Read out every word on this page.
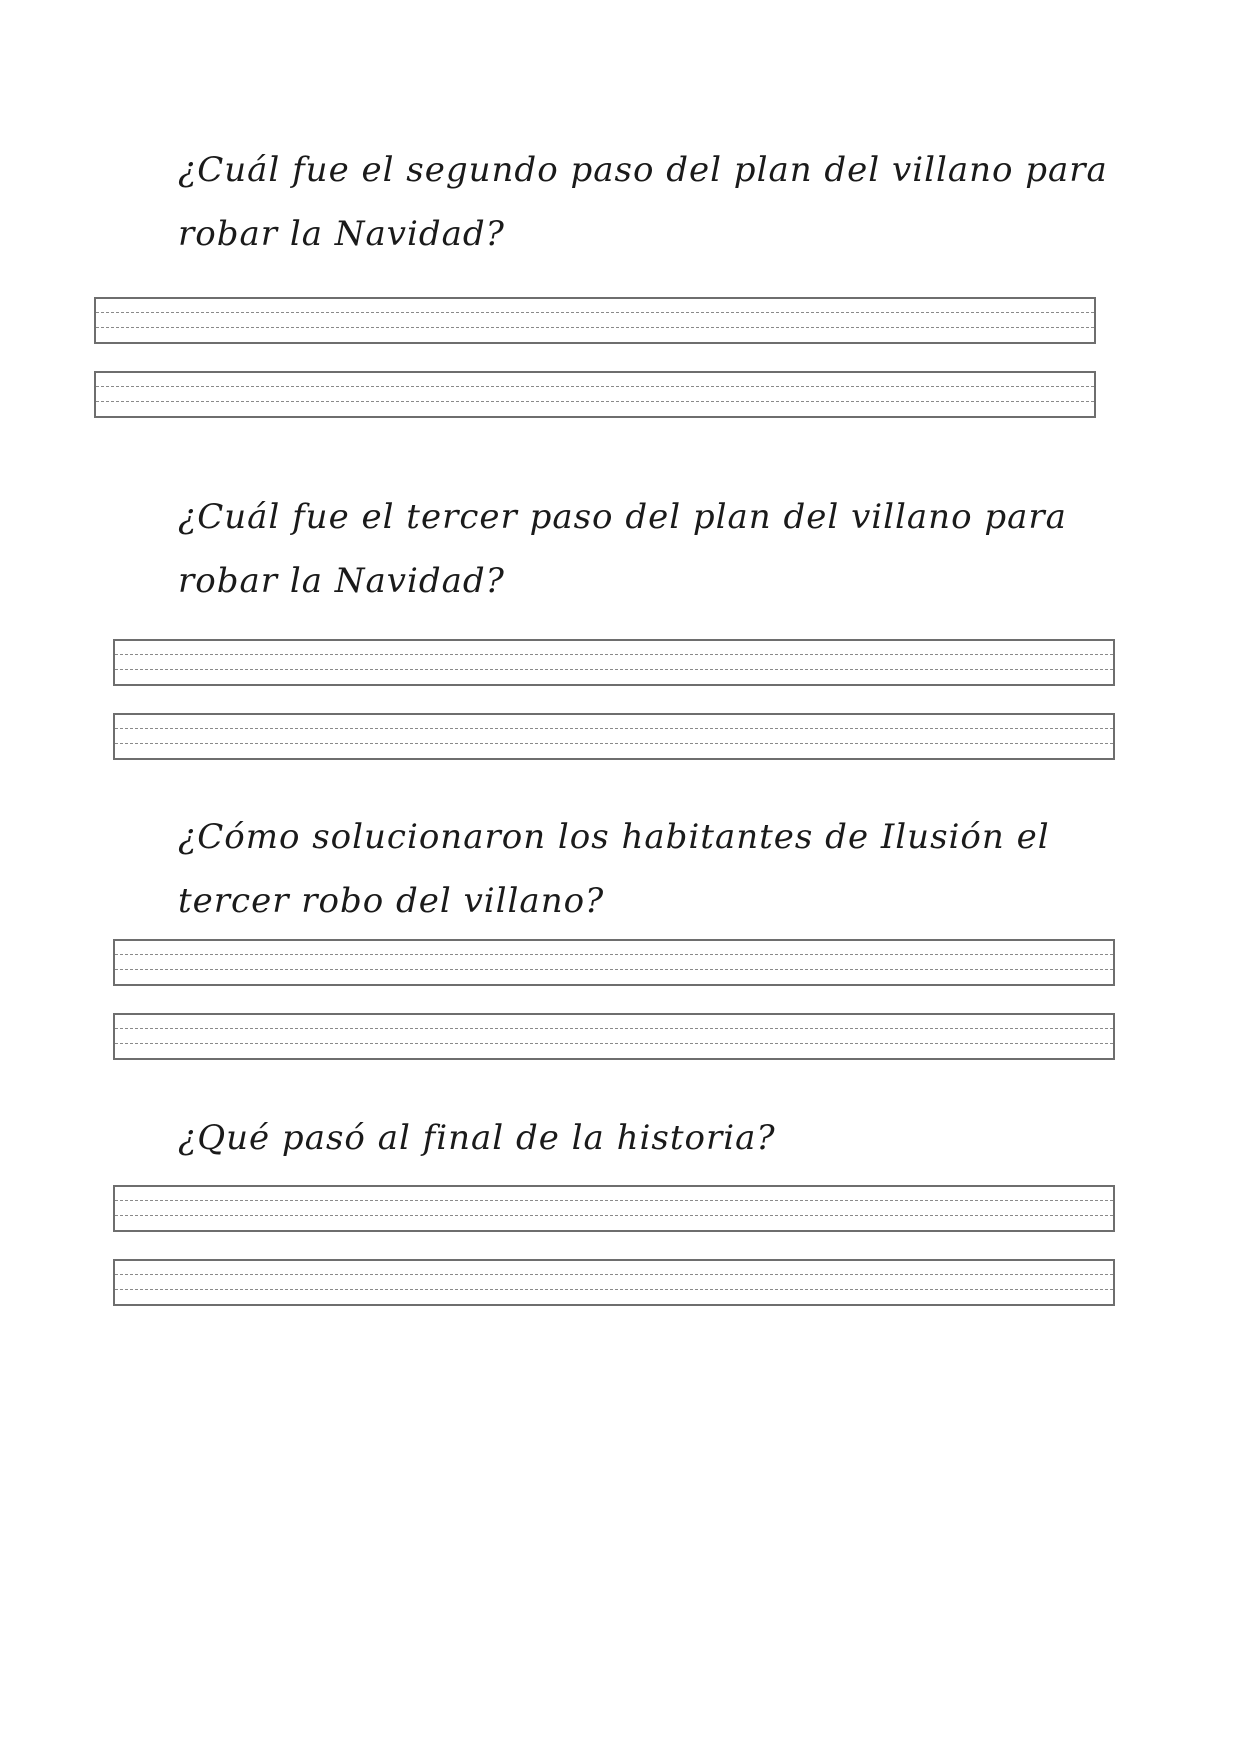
¿Cuál fue el segundo paso del plan del villano para
robar la Navidad?

¿Cuál fue el tercer paso del plan del villano para
robar la Navidad?

¿Cómo solucionaron los habitantes de Ilusión el
tercer robo del villano?

¿Qué pasó al final de la historia?
